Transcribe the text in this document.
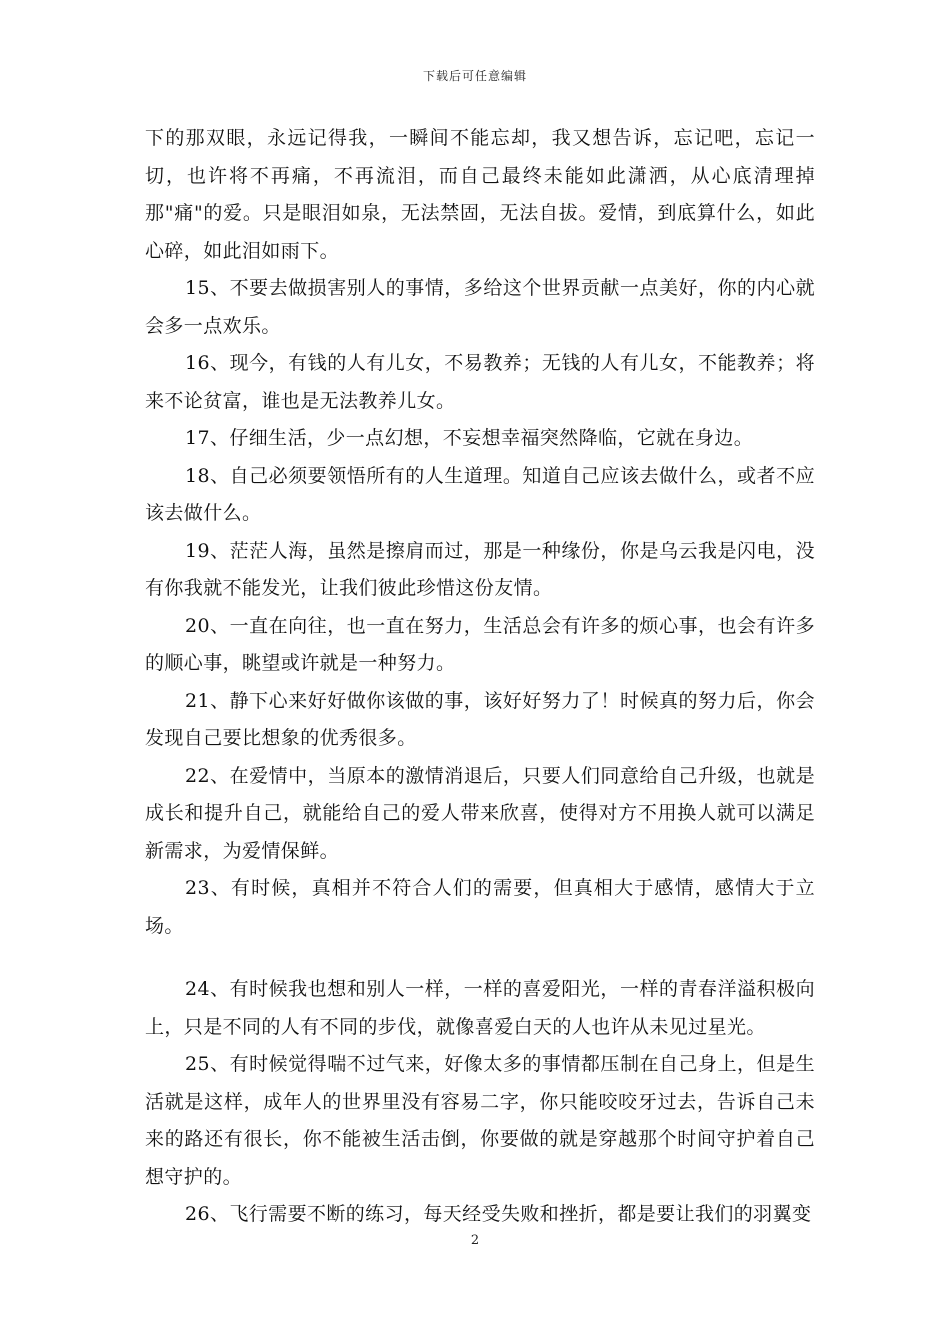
下载后可任意编辑

下的那双眼，永远记得我，一瞬间不能忘却，我又想告诉，忘记吧，忘记一切，也许将不再痛，不再流泪，而自己最终未能如此潇洒，从心底清理掉那"痛"的爱。只是眼泪如泉，无法禁固，无法自拔。爱情，到底算什么，如此心碎，如此泪如雨下。

15、不要去做损害别人的事情，多给这个世界贡献一点美好，你的内心就会多一点欢乐。

16、现今，有钱的人有儿女，不易教养；无钱的人有儿女，不能教养；将来不论贫富，谁也是无法教养儿女。

17、仔细生活，少一点幻想，不妄想幸福突然降临，它就在身边。

18、自己必须要领悟所有的人生道理。知道自己应该去做什么，或者不应该去做什么。

19、茫茫人海，虽然是擦肩而过，那是一种缘份，你是乌云我是闪电，没有你我就不能发光，让我们彼此珍惜这份友情。

20、一直在向往，也一直在努力，生活总会有许多的烦心事，也会有许多的顺心事，眺望或许就是一种努力。

21、静下心来好好做你该做的事，该好好努力了！时候真的努力后，你会发现自己要比想象的优秀很多。

22、在爱情中，当原本的激情消退后，只要人们同意给自己升级，也就是成长和提升自己，就能给自己的爱人带来欣喜，使得对方不用换人就可以满足新需求，为爱情保鲜。

23、有时候，真相并不符合人们的需要，但真相大于感情，感情大于立场。

24、有时候我也想和别人一样，一样的喜爱阳光，一样的青春洋溢积极向上，只是不同的人有不同的步伐，就像喜爱白天的人也许从未见过星光。

25、有时候觉得喘不过气来，好像太多的事情都压制在自己身上，但是生活就是这样，成年人的世界里没有容易二字，你只能咬咬牙过去，告诉自己未来的路还有很长，你不能被生活击倒，你要做的就是穿越那个时间守护着自己想守护的。

26、飞行需要不断的练习，每天经受失败和挫折，都是要让我们的羽翼变

2
